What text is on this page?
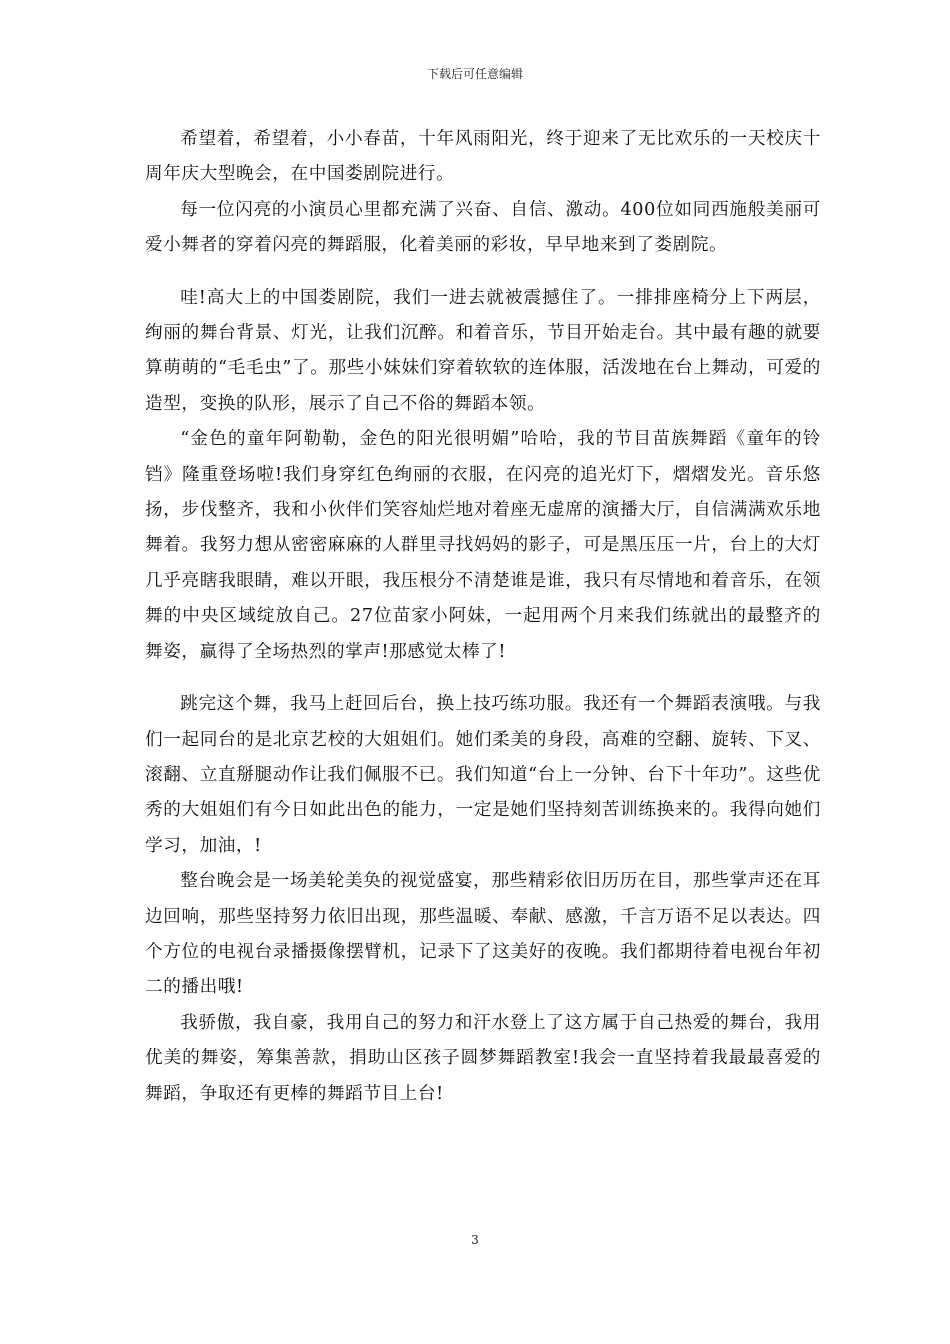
下载后可任意编辑

希望着，希望着，小小春苗，十年风雨阳光，终于迎来了无比欢乐的一天校庆十周年庆大型晚会，在中国娄剧院进行。

每一位闪亮的小演员心里都充满了兴奋、自信、激动。400位如同西施般美丽可爱小舞者的穿着闪亮的舞蹈服，化着美丽的彩妆，早早地来到了娄剧院。

哇!高大上的中国娄剧院，我们一进去就被震撼住了。一排排座椅分上下两层，绚丽的舞台背景、灯光，让我们沉醉。和着音乐，节目开始走台。其中最有趣的就要算萌萌的“毛毛虫”了。那些小妹妹们穿着软软的连体服，活泼地在台上舞动，可爱的造型，变换的队形，展示了自己不俗的舞蹈本领。

“金色的童年阿勒勒，金色的阳光很明媚”哈哈，我的节目苗族舞蹈《童年的铃铛》隆重登场啦!我们身穿红色绚丽的衣服，在闪亮的追光灯下，熠熠发光。音乐悠扬，步伐整齐，我和小伙伴们笑容灿烂地对着座无虚席的演播大厅，自信满满欢乐地舞着。我努力想从密密麻麻的人群里寻找妈妈的影子，可是黑压压一片，台上的大灯几乎亮瞎我眼睛，难以开眼，我压根分不清楚谁是谁，我只有尽情地和着音乐，在领舞的中央区域绽放自己。27位苗家小阿妹，一起用两个月来我们练就出的最整齐的舞姿，赢得了全场热烈的掌声!那感觉太棒了!

跳完这个舞，我马上赶回后台，换上技巧练功服。我还有一个舞蹈表演哦。与我们一起同台的是北京艺校的大姐姐们。她们柔美的身段，高难的空翻、旋转、下叉、滚翻、立直掰腿动作让我们佩服不已。我们知道“台上一分钟、台下十年功”。这些优秀的大姐姐们有今日如此出色的能力，一定是她们坚持刻苦训练换来的。我得向她们学习，加油，!

整台晚会是一场美轮美奂的视觉盛宴，那些精彩依旧历历在目，那些掌声还在耳边回响，那些坚持努力依旧出现，那些温暖、奉献、感激，千言万语不足以表达。四个方位的电视台录播摄像摆臂机，记录下了这美好的夜晚。我们都期待着电视台年初二的播出哦!

我骄傲，我自豪，我用自己的努力和汗水登上了这方属于自己热爱的舞台，我用优美的舞姿，筹集善款，捐助山区孩子圆梦舞蹈教室!我会一直坚持着我最最喜爱的舞蹈，争取还有更棒的舞蹈节目上台!

3
